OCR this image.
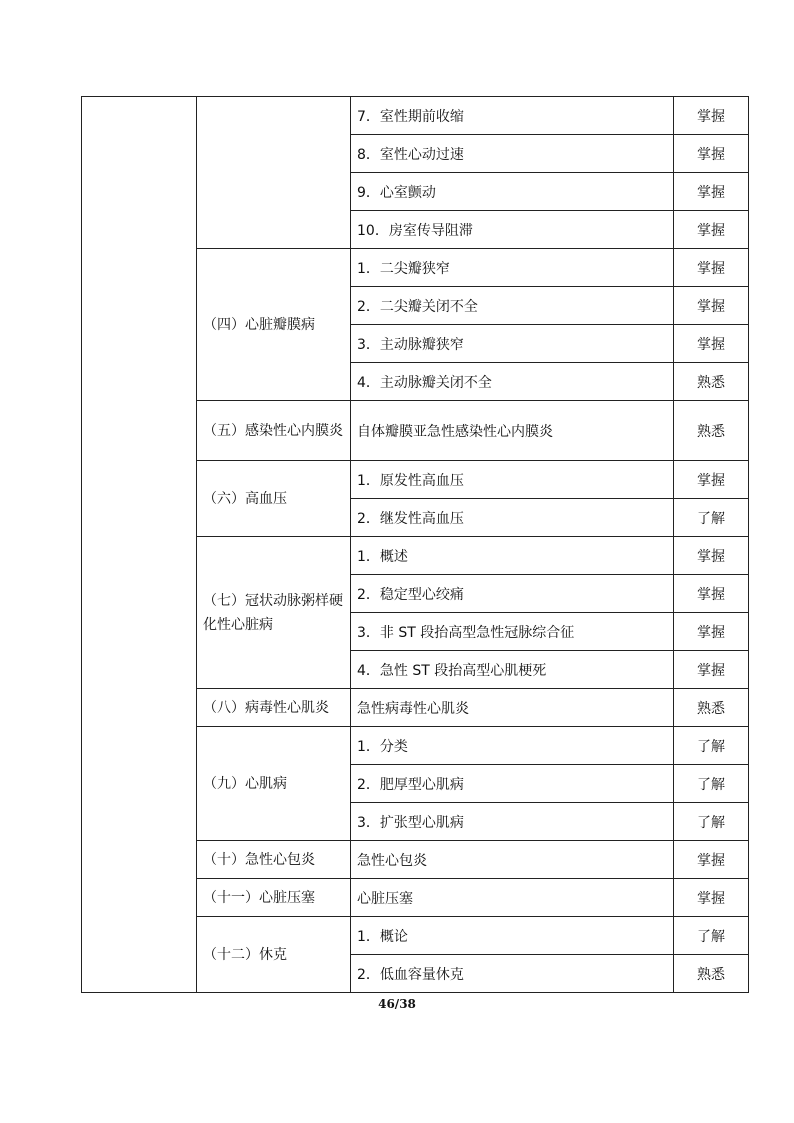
		7．室性期前收缩	掌握
		8．室性心动过速	掌握
		9．心室颤动	掌握
		10．房室传导阻滞	掌握
	（四）心脏瓣膜病	1．二尖瓣狭窄	掌握
		2．二尖瓣关闭不全	掌握
		3．主动脉瓣狭窄	掌握
		4．主动脉瓣关闭不全	熟悉
	（五）感染性心内膜炎	自体瓣膜亚急性感染性心内膜炎	熟悉
	（六）高血压	1．原发性高血压	掌握
		2．继发性高血压	了解
	（七）冠状动脉粥样硬化性心脏病	1．概述	掌握
		2．稳定型心绞痛	掌握
		3．非 ST 段抬高型急性冠脉综合征	掌握
		4．急性 ST 段抬高型心肌梗死	掌握
	（八）病毒性心肌炎	急性病毒性心肌炎	熟悉
	（九）心肌病	1．分类	了解
		2．肥厚型心肌病	了解
		3．扩张型心肌病	了解
	（十）急性心包炎	急性心包炎	掌握
	（十一）心脏压塞	心脏压塞	掌握
	（十二）休克	1．概论	了解
		2．低血容量休克	熟悉
46/38
